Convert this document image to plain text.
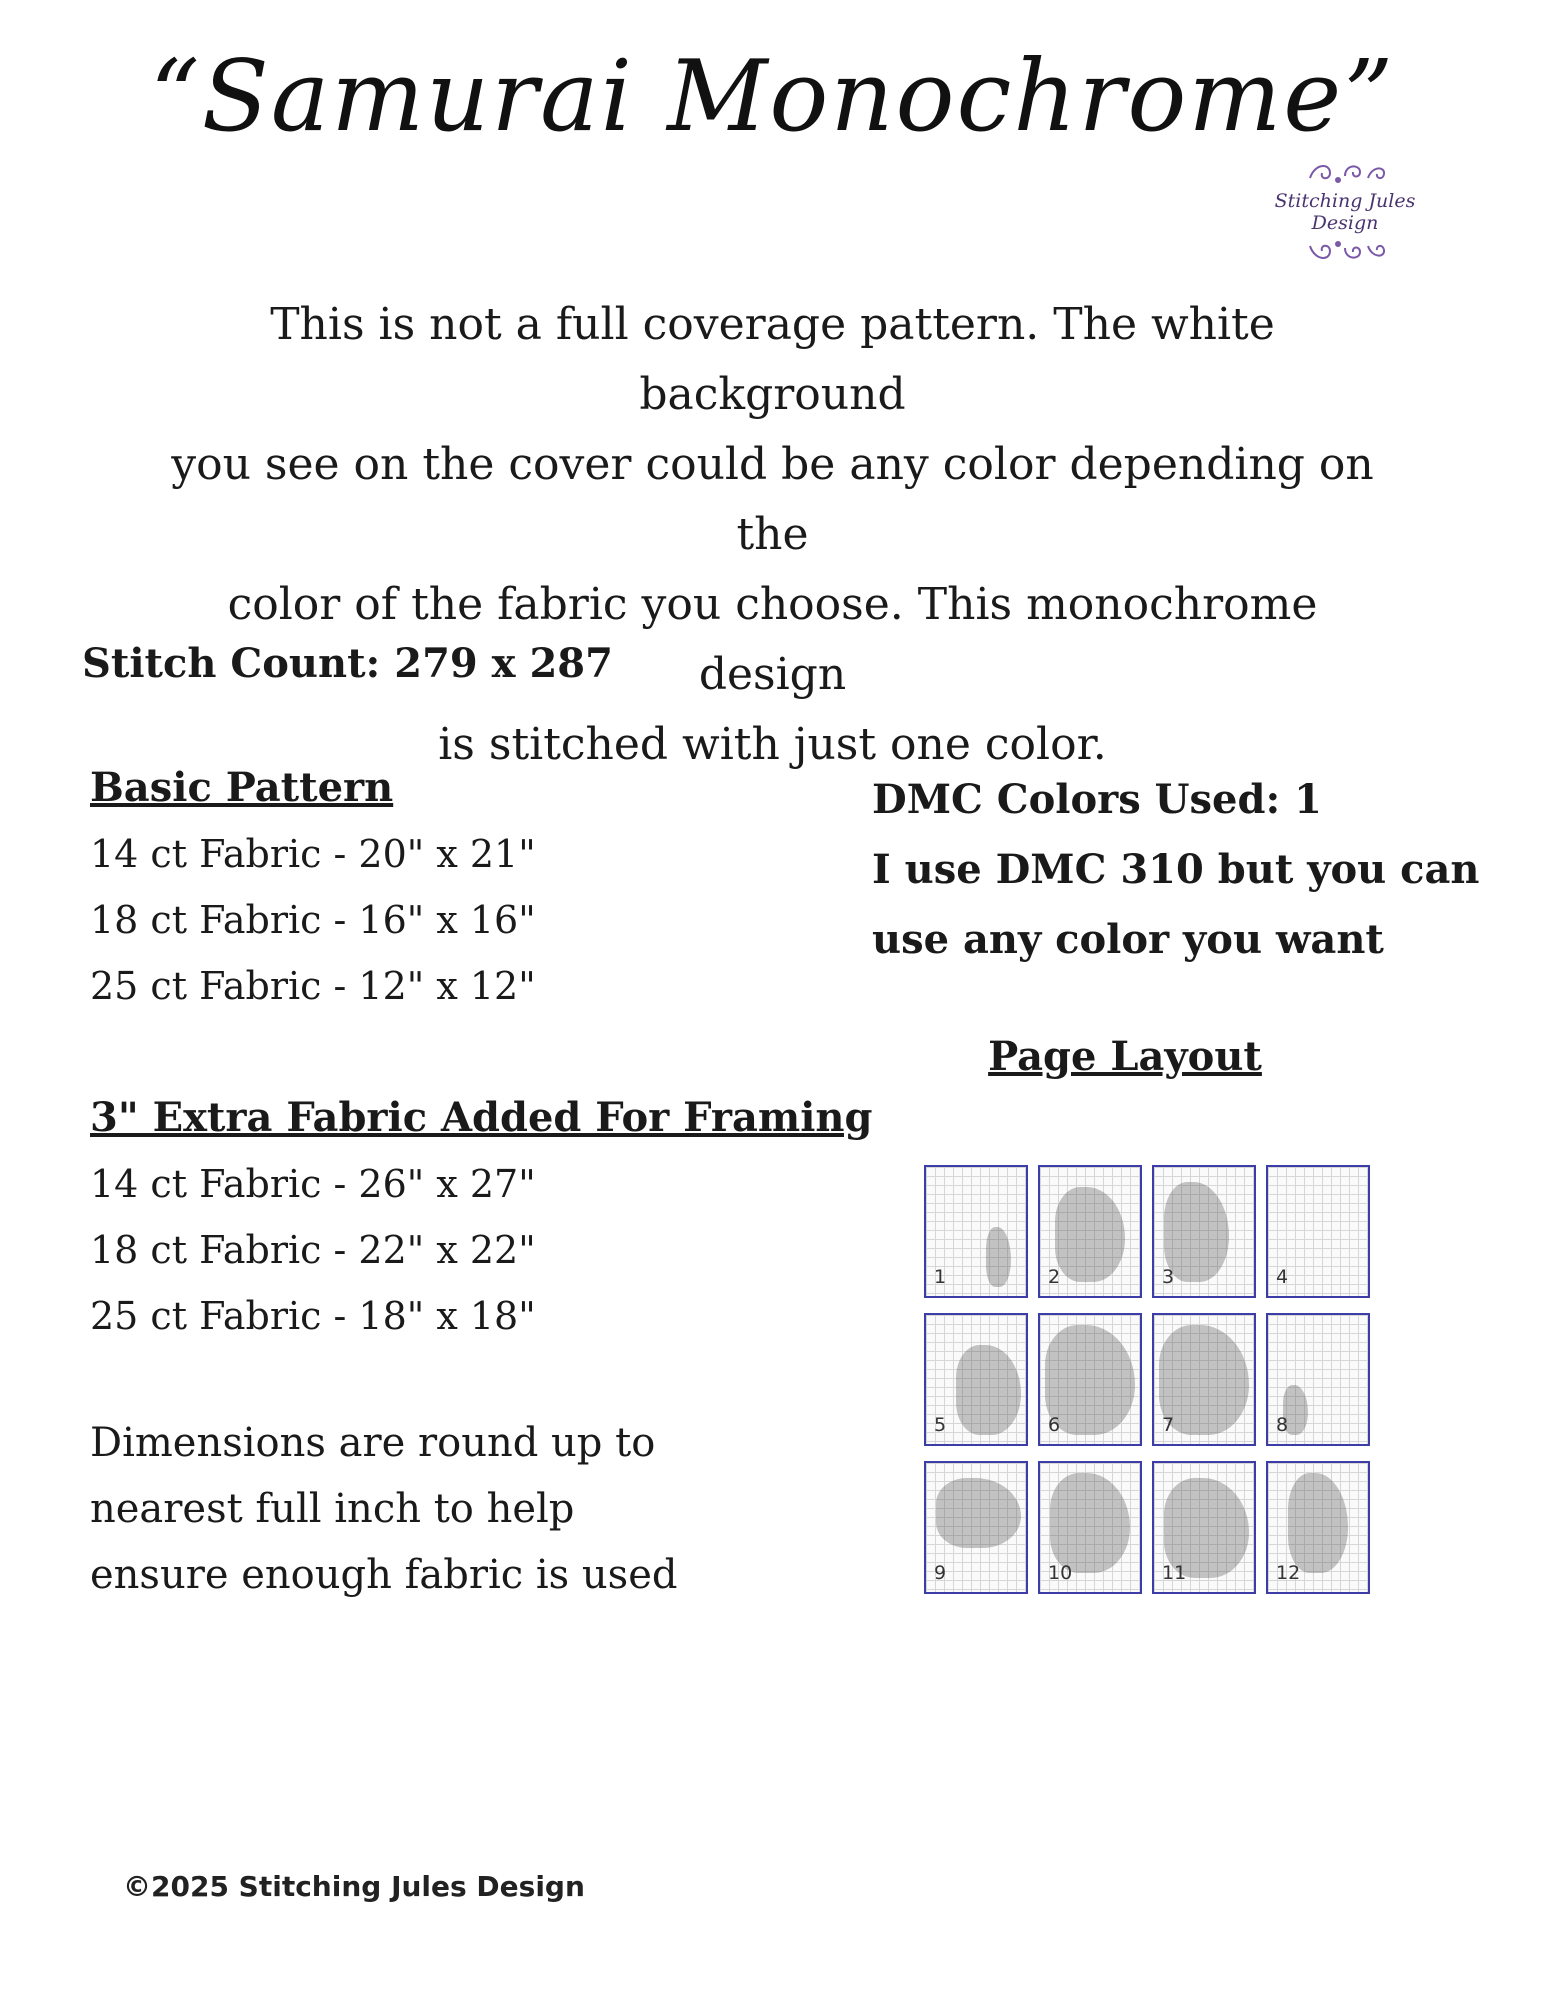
“Samurai Monochrome”
Stitching Jules Design
This is not a full coverage pattern. The white background
you see on the cover could be any color depending on the
color of the fabric you choose. This monochrome design
is stitched with just one color.
Stitch Count: 279 x 287
Basic Pattern
14 ct Fabric - 20" x 21"
18 ct Fabric - 16" x 16"
25 ct Fabric - 12" x 12"
3" Extra Fabric Added For Framing
14 ct Fabric - 26" x 27"
18 ct Fabric - 22" x 22"
25 ct Fabric - 18" x 18"
Dimensions are round up to
nearest full inch to help
ensure enough fabric is used
DMC Colors Used: 1
I use DMC 310 but you can
use any color you want
Page Layout
1	2	3	4
5	6	7	8
9	10	11	12
©2025 Stitching Jules Design
